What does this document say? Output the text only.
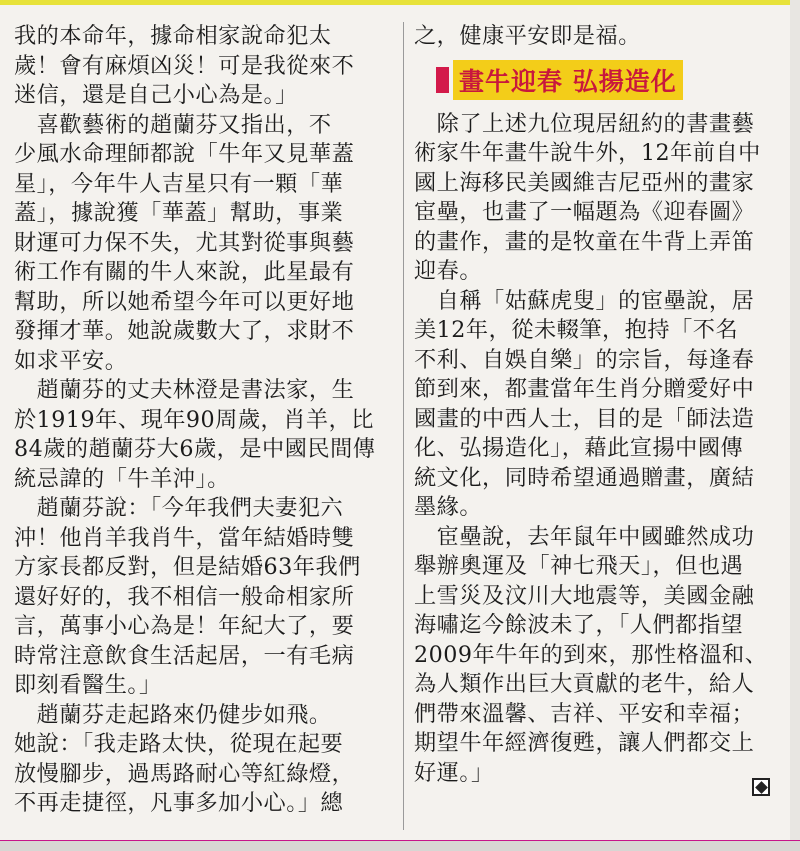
我的本命年，據命相家說命犯太

歲！會有麻煩凶災！可是我從來不

迷信，還是自己小心為是。」

　喜歡藝術的趙蘭芬又指出，不

少風水命理師都說「牛年又見華蓋

星」，今年牛人吉星只有一顆「華

蓋」，據說獲「華蓋」幫助，事業

財運可力保不失，尤其對從事與藝

術工作有關的牛人來說，此星最有

幫助，所以她希望今年可以更好地

發揮才華。她說歲數大了，求財不

如求平安。

　趙蘭芬的丈夫林澄是書法家，生

於1919年、現年90周歲，肖羊，比

84歲的趙蘭芬大6歲，是中國民間傳

統忌諱的「牛羊沖」。

　趙蘭芬說：「今年我們夫妻犯六

沖！他肖羊我肖牛，當年結婚時雙

方家長都反對，但是結婚63年我們

還好好的，我不相信一般命相家所

言，萬事小心為是！年紀大了，要

時常注意飲食生活起居，一有毛病

即刻看醫生。」

　趙蘭芬走起路來仍健步如飛。

她說：「我走路太快，從現在起要

放慢腳步，過馬路耐心等紅綠燈，

不再走捷徑，凡事多加小心。」總

之，健康平安即是福。

畫牛迎春 弘揚造化

　除了上述九位現居紐約的書畫藝

術家牛年畫牛說牛外，12年前自中

國上海移民美國維吉尼亞州的畫家

宦壘，也畫了一幅題為《迎春圖》

的畫作，畫的是牧童在牛背上弄笛

迎春。

　自稱「姑蘇虎叟」的宦壘說，居

美12年，從未輟筆，抱持「不名

不利、自娛自樂」的宗旨，每逢春

節到來，都畫當年生肖分贈愛好中

國畫的中西人士，目的是「師法造

化、弘揚造化」，藉此宣揚中國傳

統文化，同時希望通過贈畫，廣結

墨緣。

　宦壘說，去年鼠年中國雖然成功

舉辦奧運及「神七飛天」，但也遇

上雪災及汶川大地震等，美國金融

海嘯迄今餘波未了，「人們都指望

2009年牛年的到來，那性格溫和、

為人類作出巨大貢獻的老牛，給人

們帶來溫馨、吉祥、平安和幸福；

期望牛年經濟復甦，讓人們都交上

好運。」
